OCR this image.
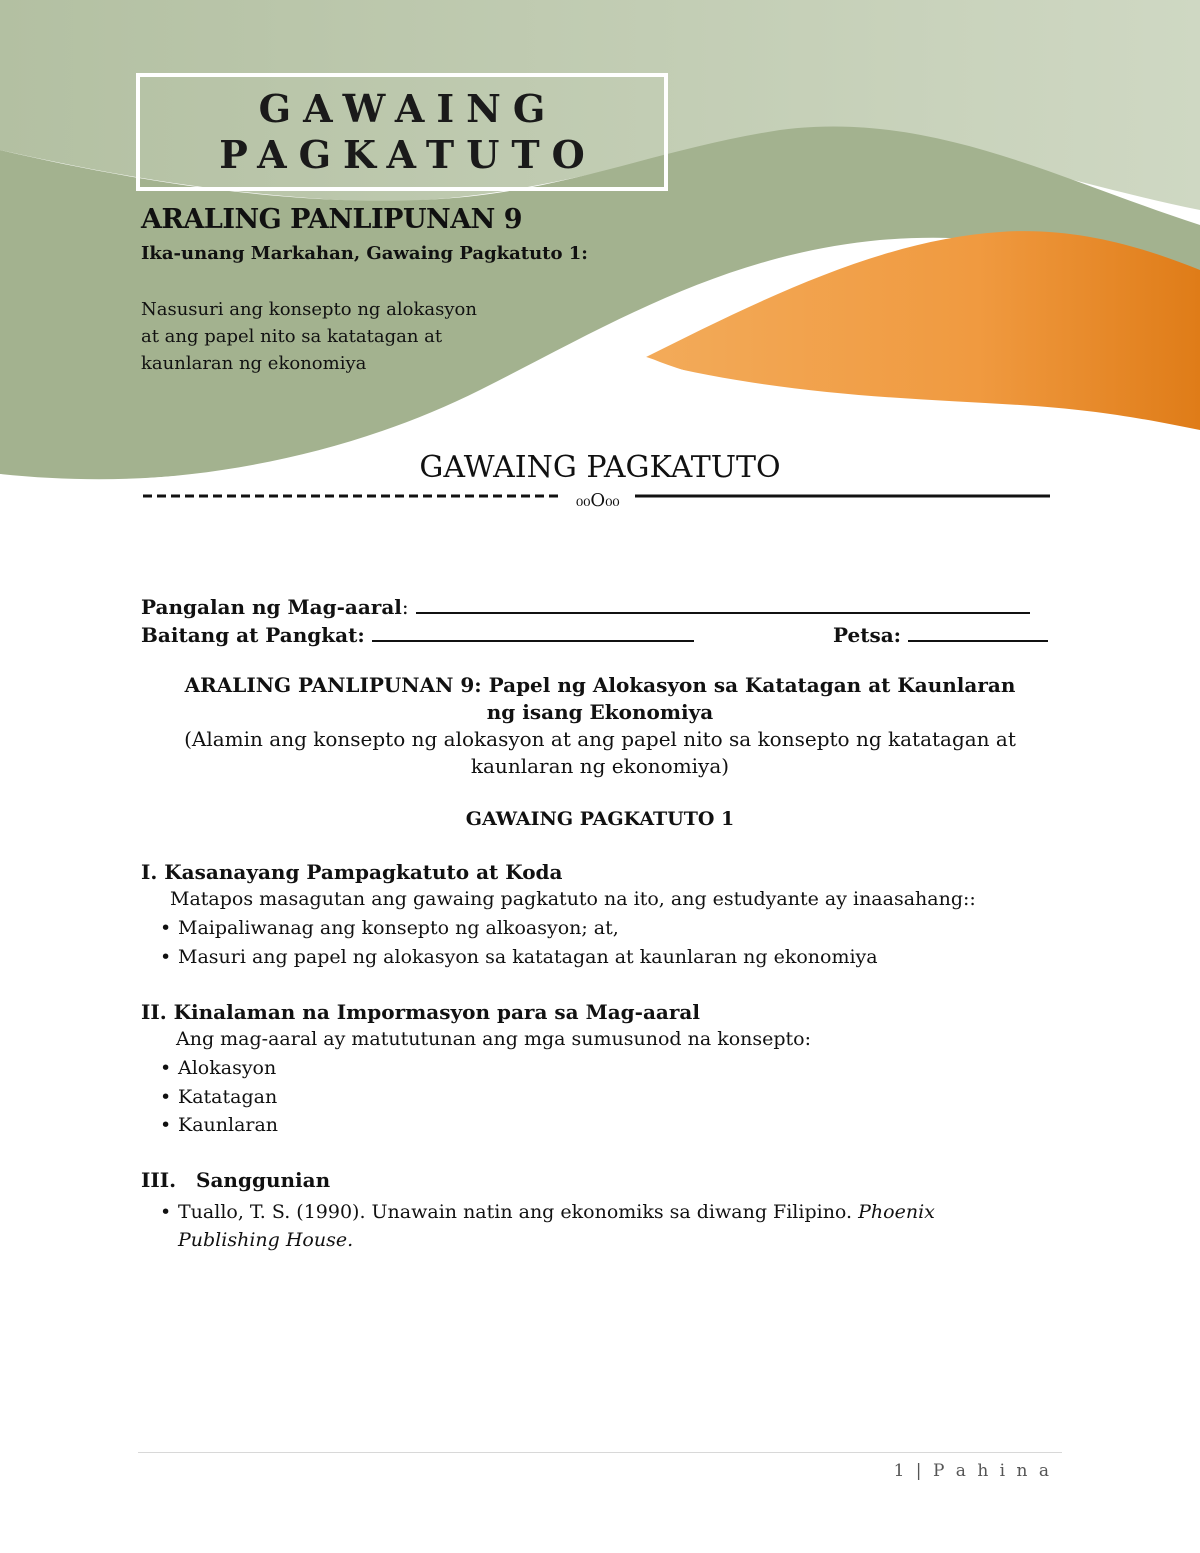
GAWAING
PAGKATUTO
ARALING PANLIPUNAN 9
Ika-unang Markahan, Gawaing Pagkatuto 1:
Nasusuri ang konsepto ng alokasyon
at ang papel nito sa katatagan at
kaunlaran ng ekonomiya
GAWAING PAGKATUTO
₀₀O₀₀
Pangalan ng Mag-aaral:
Baitang at Pangkat:	Petsa:
ARALING PANLIPUNAN 9: Papel ng Alokasyon sa Katatagan at Kaunlaran
ng isang Ekonomiya
(Alamin ang konsepto ng alokasyon at ang papel nito sa konsepto ng katatagan at
kaunlaran ng ekonomiya)
GAWAING PAGKATUTO 1
I. Kasanayang Pampagkatuto at Koda
Matapos masagutan ang gawaing pagkatuto na ito, ang estudyante ay inaasahang::
• Maipaliwanag ang konsepto ng alkoasyon; at,
• Masuri ang papel ng alokasyon sa katatagan at kaunlaran ng ekonomiya
II. Kinalaman na Impormasyon para sa Mag-aaral
Ang mag-aaral ay matututunan ang mga sumusunod na konsepto:
• Alokasyon
• Katatagan
• Kaunlaran
III. Sanggunian
• Tuallo, T. S. (1990). Unawain natin ang ekonomiks sa diwang Filipino. Phoenix
Publishing House.
1 | P a h i n a
